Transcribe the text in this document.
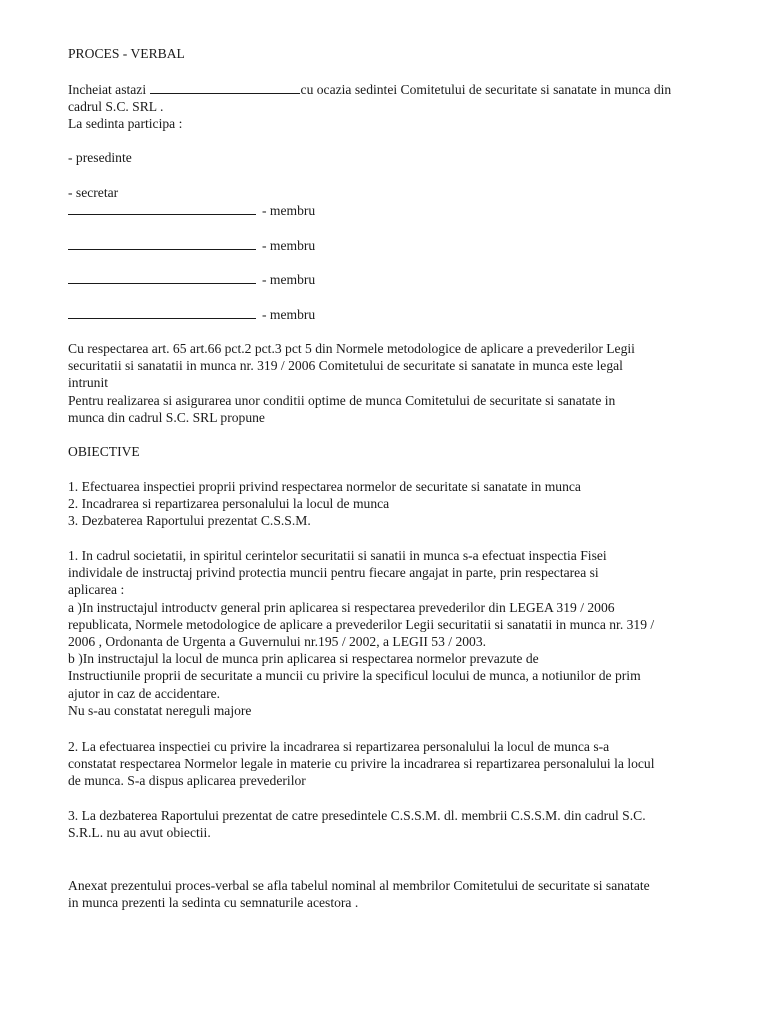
PROCES - VERBAL
Incheiat astazi	cu ocazia sedintei Comitetului de securitate si sanatate in munca din
cadrul S.C. SRL .
La sedinta participa :
- presedinte
- secretar
- membru
- membru
- membru
- membru
Cu respectarea art. 65 art.66 pct.2 pct.3 pct 5 din Normele metodologice de aplicare a prevederilor Legii
securitatii si sanatatii in munca nr. 319 / 2006 Comitetului de securitate si sanatate in munca este legal
intrunit
Pentru realizarea si asigurarea unor conditii optime de munca Comitetului de securitate si sanatate in
munca din cadrul S.C. SRL propune
OBIECTIVE
1. Efectuarea inspectiei proprii privind respectarea normelor de securitate si sanatate in munca
2. Incadrarea si repartizarea personalului la locul de munca
3. Dezbaterea Raportului prezentat C.S.S.M.
1. In cadrul societatii, in spiritul cerintelor securitatii si sanatii in munca s-a efectuat inspectia Fisei
individale de instructaj privind protectia muncii pentru fiecare angajat in parte, prin respectarea si
aplicarea :
a )In instructajul introductv general prin aplicarea si respectarea prevederilor din LEGEA 319 / 2006
republicata, Normele metodologice de aplicare a prevederilor Legii securitatii si sanatatii in munca nr. 319 /
2006 , Ordonanta de Urgenta a Guvernului nr.195 / 2002, a LEGII 53 / 2003.
b )In instructajul la locul de munca prin aplicarea si respectarea normelor prevazute de
Instructiunile proprii de securitate a muncii cu privire la specificul locului de munca, a notiunilor de prim
ajutor in caz de accidentare.
Nu s-au constatat nereguli majore
2. La efectuarea inspectiei cu privire la incadrarea si repartizarea personalului la locul de munca s-a
constatat respectarea Normelor legale in materie cu privire la incadrarea si repartizarea personalului la locul
de munca. S-a dispus aplicarea prevederilor
3. La dezbaterea Raportului prezentat de catre presedintele C.S.S.M. dl. membrii C.S.S.M. din cadrul S.C.
S.R.L. nu au avut obiectii.
Anexat prezentului proces-verbal se afla tabelul nominal al membrilor Comitetului de securitate si sanatate
in munca prezenti la sedinta cu semnaturile acestora .
